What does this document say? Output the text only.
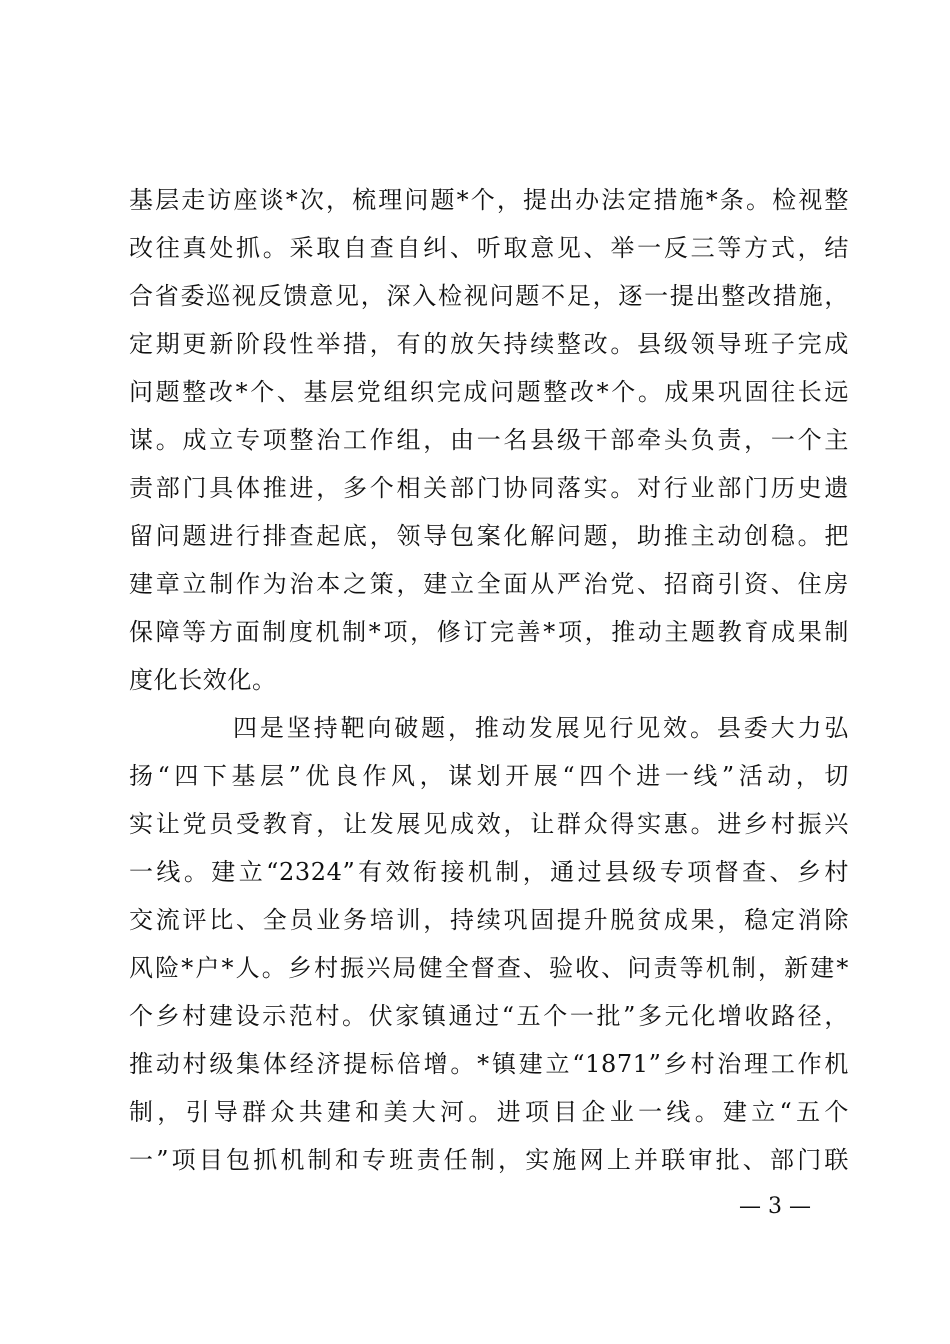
基层走访座谈*次，梳理问题*个，提出办法定措施*条。检视整
改往真处抓。采取自查自纠、听取意见、举一反三等方式，结
合省委巡视反馈意见，深入检视问题不足，逐一提出整改措施，
定期更新阶段性举措，有的放矢持续整改。县级领导班子完成
问题整改*个、基层党组织完成问题整改*个。成果巩固往长远
谋。成立专项整治工作组，由一名县级干部牵头负责，一个主
责部门具体推进，多个相关部门协同落实。对行业部门历史遗
留问题进行排查起底，领导包案化解问题，助推主动创稳。把
建章立制作为治本之策，建立全面从严治党、招商引资、住房
保障等方面制度机制*项，修订完善*项，推动主题教育成果制
度化长效化。
四是坚持靶向破题，推动发展见行见效。县委大力弘
扬“四下基层”优良作风，谋划开展“四个进一线”活动，切
实让党员受教育，让发展见成效，让群众得实惠。进乡村振兴
一线。建立“2324”有效衔接机制，通过县级专项督查、乡村
交流评比、全员业务培训，持续巩固提升脱贫成果，稳定消除
风险*户*人。乡村振兴局健全督查、验收、问责等机制，新建*
个乡村建设示范村。伏家镇通过“五个一批”多元化增收路径，
推动村级集体经济提标倍增。*镇建立“1871”乡村治理工作机
制，引导群众共建和美大河。进项目企业一线。建立“五个
一”项目包抓机制和专班责任制，实施网上并联审批、部门联
— 3 —
